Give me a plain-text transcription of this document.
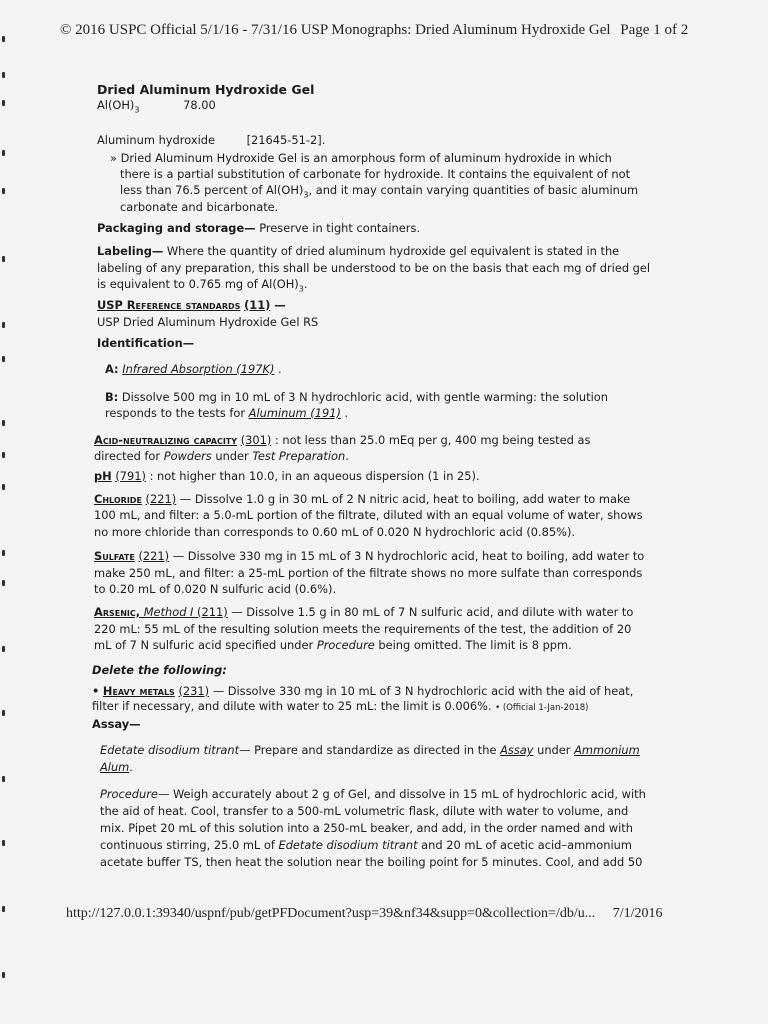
© 2016 USPC Official 5/1/16 - 7/31/16 USP Monographs: Dried Aluminum Hydroxide Gel Page 1 of 2
Dried Aluminum Hydroxide Gel
$Al(OH)_3$	78.00
Aluminum hydroxide	[21645-51-2].
» Dried Aluminum Hydroxide Gel is an amorphous form of aluminum hydroxide in which
there is a partial substitution of carbonate for hydroxide. It contains the equivalent of not
less than 76.5 percent of $Al(OH)_3$, and it may contain varying quantities of basic aluminum
carbonate and bicarbonate.
Packaging and storage— Preserve in tight containers.
Labeling— Where the quantity of dried aluminum hydroxide gel equivalent is stated in the
labeling of any preparation, this shall be understood to be on the basis that each mg of dried gel
is equivalent to 0.765 mg of $Al(OH)_3$.
USP Reference standards (11) —
USP Dried Aluminum Hydroxide Gel RS
Identification—
A: Infrared Absorption (197K) .
B: Dissolve 500 mg in 10 mL of 3 N hydrochloric acid, with gentle warming: the solution
responds to the tests for Aluminum (191) .
Acid-neutralizing capacity (301) : not less than 25.0 mEq per g, 400 mg being tested as
directed for Powders under Test Preparation.
pH (791) : not higher than 10.0, in an aqueous dispersion (1 in 25).
Chloride (221) — Dissolve 1.0 g in 30 mL of 2 N nitric acid, heat to boiling, add water to make
100 mL, and filter: a 5.0-mL portion of the filtrate, diluted with an equal volume of water, shows
no more chloride than corresponds to 0.60 mL of 0.020 N hydrochloric acid (0.85%).
Sulfate (221) — Dissolve 330 mg in 15 mL of 3 N hydrochloric acid, heat to boiling, add water to
make 250 mL, and filter: a 25-mL portion of the filtrate shows no more sulfate than corresponds
to 0.20 mL of 0.020 N sulfuric acid (0.6%).
Arsenic, Method I (211) — Dissolve 1.5 g in 80 mL of 7 N sulfuric acid, and dilute with water to
220 mL: 55 mL of the resulting solution meets the requirements of the test, the addition of 20
mL of 7 N sulfuric acid specified under Procedure being omitted. The limit is 8 ppm.
Delete the following:
• Heavy metals (231) — Dissolve 330 mg in 10 mL of 3 N hydrochloric acid with the aid of heat,
filter if necessary, and dilute with water to 25 mL: the limit is 0.006%. • (Official 1-Jan-2018)
Assay—
Edetate disodium titrant— Prepare and standardize as directed in the Assay under Ammonium
Alum.
Procedure— Weigh accurately about 2 g of Gel, and dissolve in 15 mL of hydrochloric acid, with
the aid of heat. Cool, transfer to a 500-mL volumetric flask, dilute with water to volume, and
mix. Pipet 20 mL of this solution into a 250-mL beaker, and add, in the order named and with
continuous stirring, 25.0 mL of Edetate disodium titrant and 20 mL of acetic acid–ammonium
acetate buffer TS, then heat the solution near the boiling point for 5 minutes. Cool, and add 50
http://127.0.0.1:39340/uspnf/pub/getPFDocument?usp=39&nf34&supp=0&collection=/db/u... 7/1/2016
